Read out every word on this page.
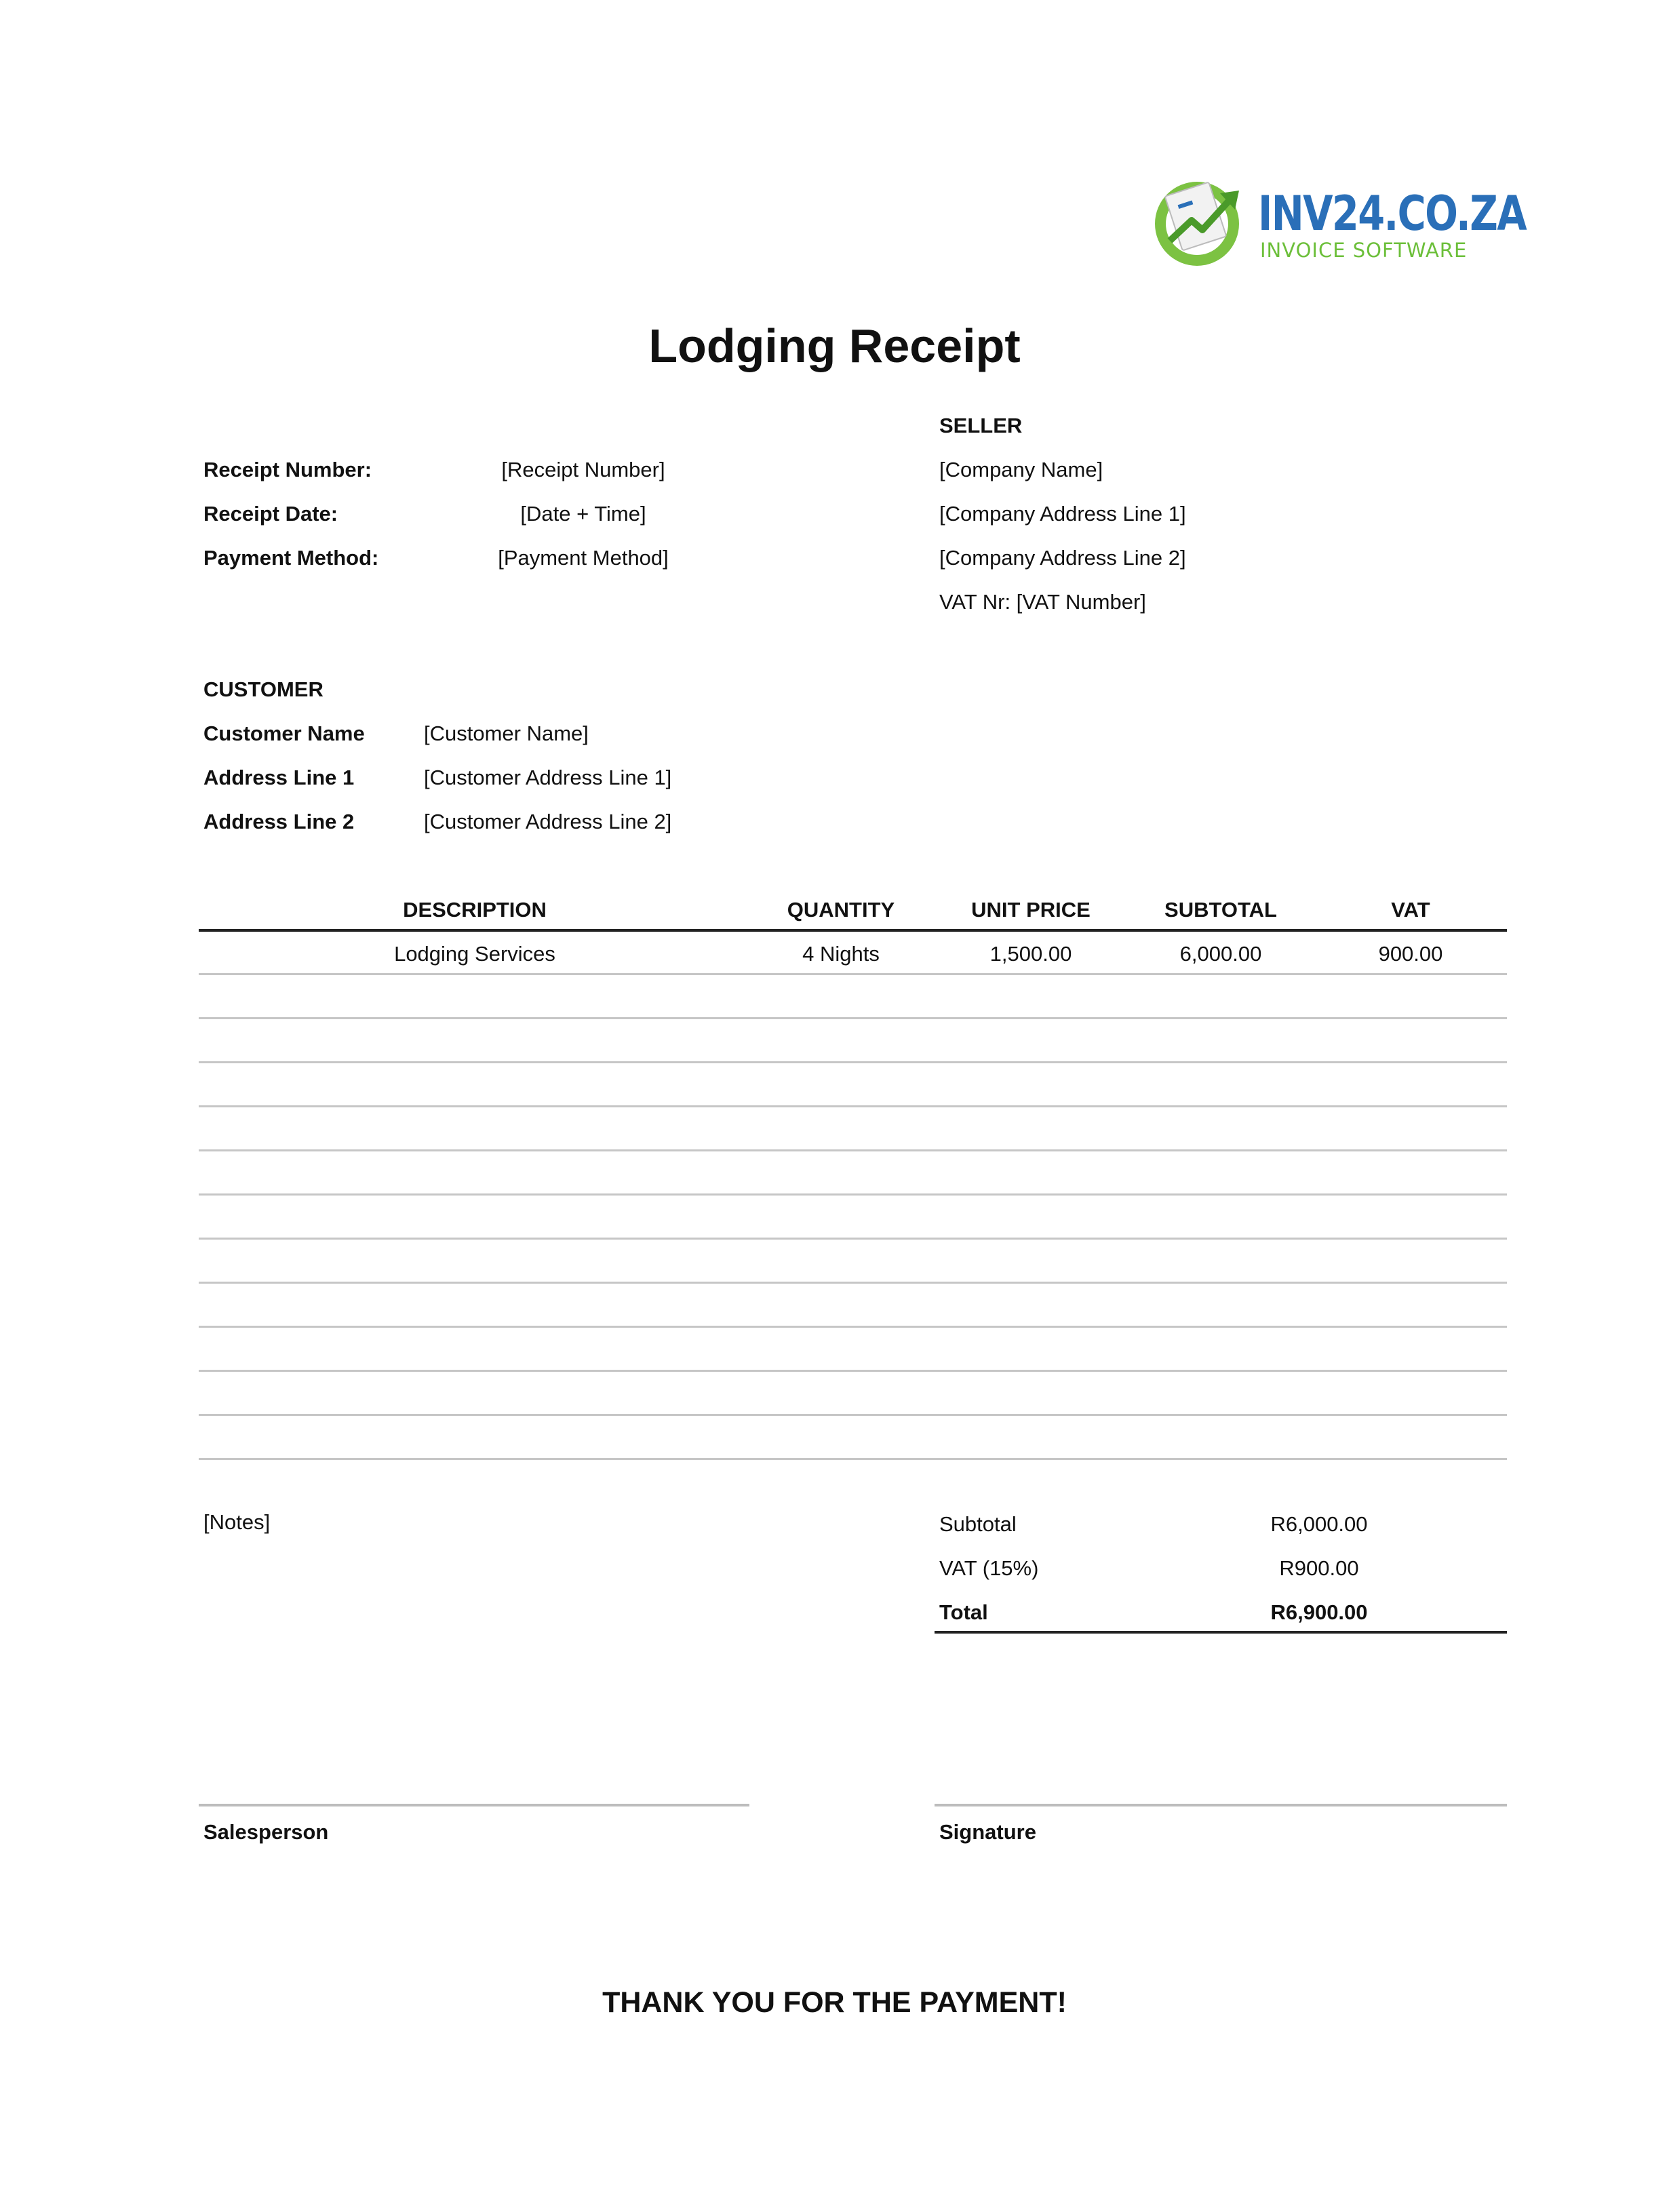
INV24.CO.ZA
INVOICE SOFTWARE
Lodging Receipt
Receipt Number:	[Receipt Number]
Receipt Date:	[Date + Time]
Payment Method:	[Payment Method]
SELLER
[Company Name]
[Company Address Line 1]
[Company Address Line 2]
VAT Nr: [VAT Number]
CUSTOMER
Customer Name	[Customer Name]
Address Line 1	[Customer Address Line 1]
Address Line 2	[Customer Address Line 2]
DESCRIPTION	QUANTITY	UNIT PRICE	SUBTOTAL	VAT
Lodging Services	4 Nights	1,500.00	6,000.00	900.00
[Notes]	Subtotal	R6,000.00
VAT (15%)	R900.00
Total	R6,900.00
Salesperson	Signature
THANK YOU FOR THE PAYMENT!
